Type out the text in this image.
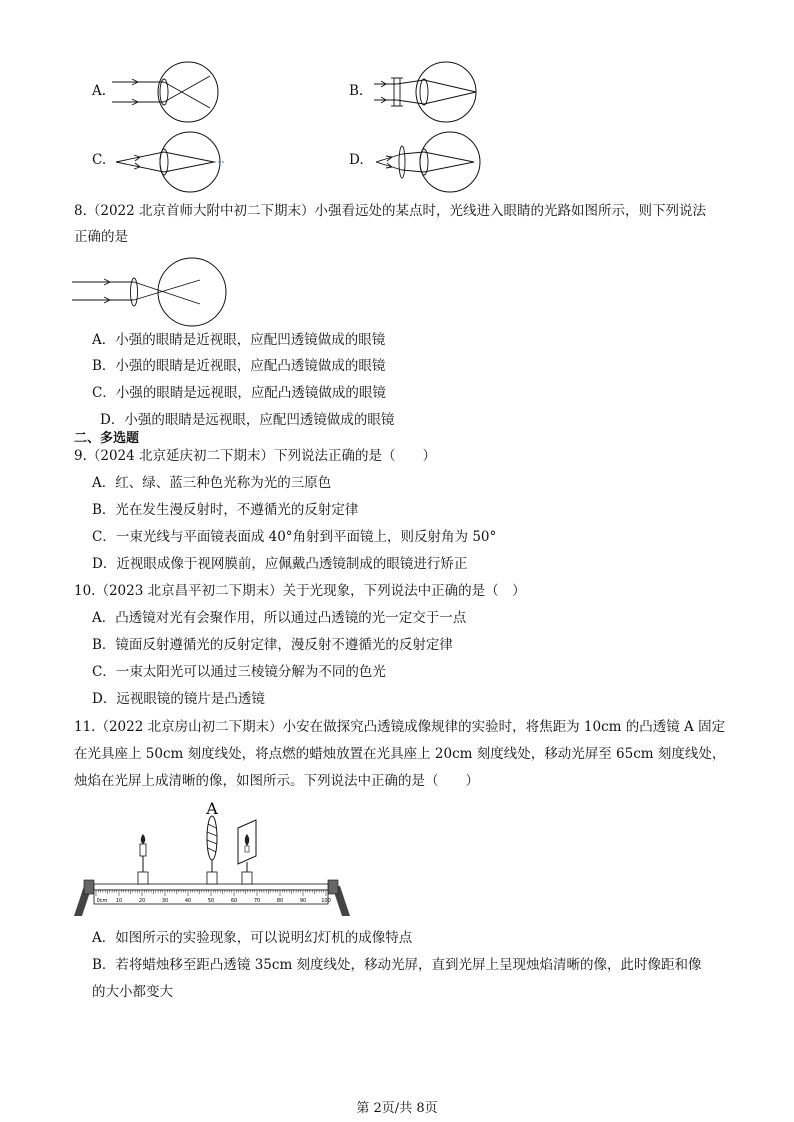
A.	B.
C.	D.
8.（2022 北京首师大附中初二下期末）小强看远处的某点时，光线进入眼睛的光路如图所示，则下列说法
正确的是
A．小强的眼睛是近视眼，应配凹透镜做成的眼镜
B．小强的眼睛是近视眼，应配凸透镜做成的眼镜
C．小强的眼睛是远视眼，应配凸透镜做成的眼镜
D．小强的眼睛是远视眼，应配凹透镜做成的眼镜
二、多选题
9.（2024 北京延庆初二下期末）下列说法正确的是（　　）
A．红、绿、蓝三种色光称为光的三原色
B．光在发生漫反射时，不遵循光的反射定律
C．一束光线与平面镜表面成 40°角射到平面镜上，则反射角为 50°
D．近视眼成像于视网膜前，应佩戴凸透镜制成的眼镜进行矫正
10.（2023 北京昌平初二下期末）关于光现象，下列说法中正确的是（　）
A．凸透镜对光有会聚作用，所以通过凸透镜的光一定交于一点
B．镜面反射遵循光的反射定律，漫反射不遵循光的反射定律
C．一束太阳光可以通过三棱镜分解为不同的色光
D．远视眼镜的镜片是凸透镜
11.（2022 北京房山初二下期末）小安在做探究凸透镜成像规律的实验时，将焦距为 10cm 的凸透镜 A 固定
在光具座上 50cm 刻度线处，将点燃的蜡烛放置在光具座上 20cm 刻度线处，移动光屏至 65cm 刻度线处，
烛焰在光屏上成清晰的像，如图所示。下列说法中正确的是（　　）
0cm 10	20	30	40	50	60	70	80	90	100
A
A．如图所示的实验现象，可以说明幻灯机的成像特点
B．若将蜡烛移至距凸透镜 35cm 刻度线处，移动光屏，直到光屏上呈现烛焰清晰的像，此时像距和像
的大小都变大
第 2页/共 8页
